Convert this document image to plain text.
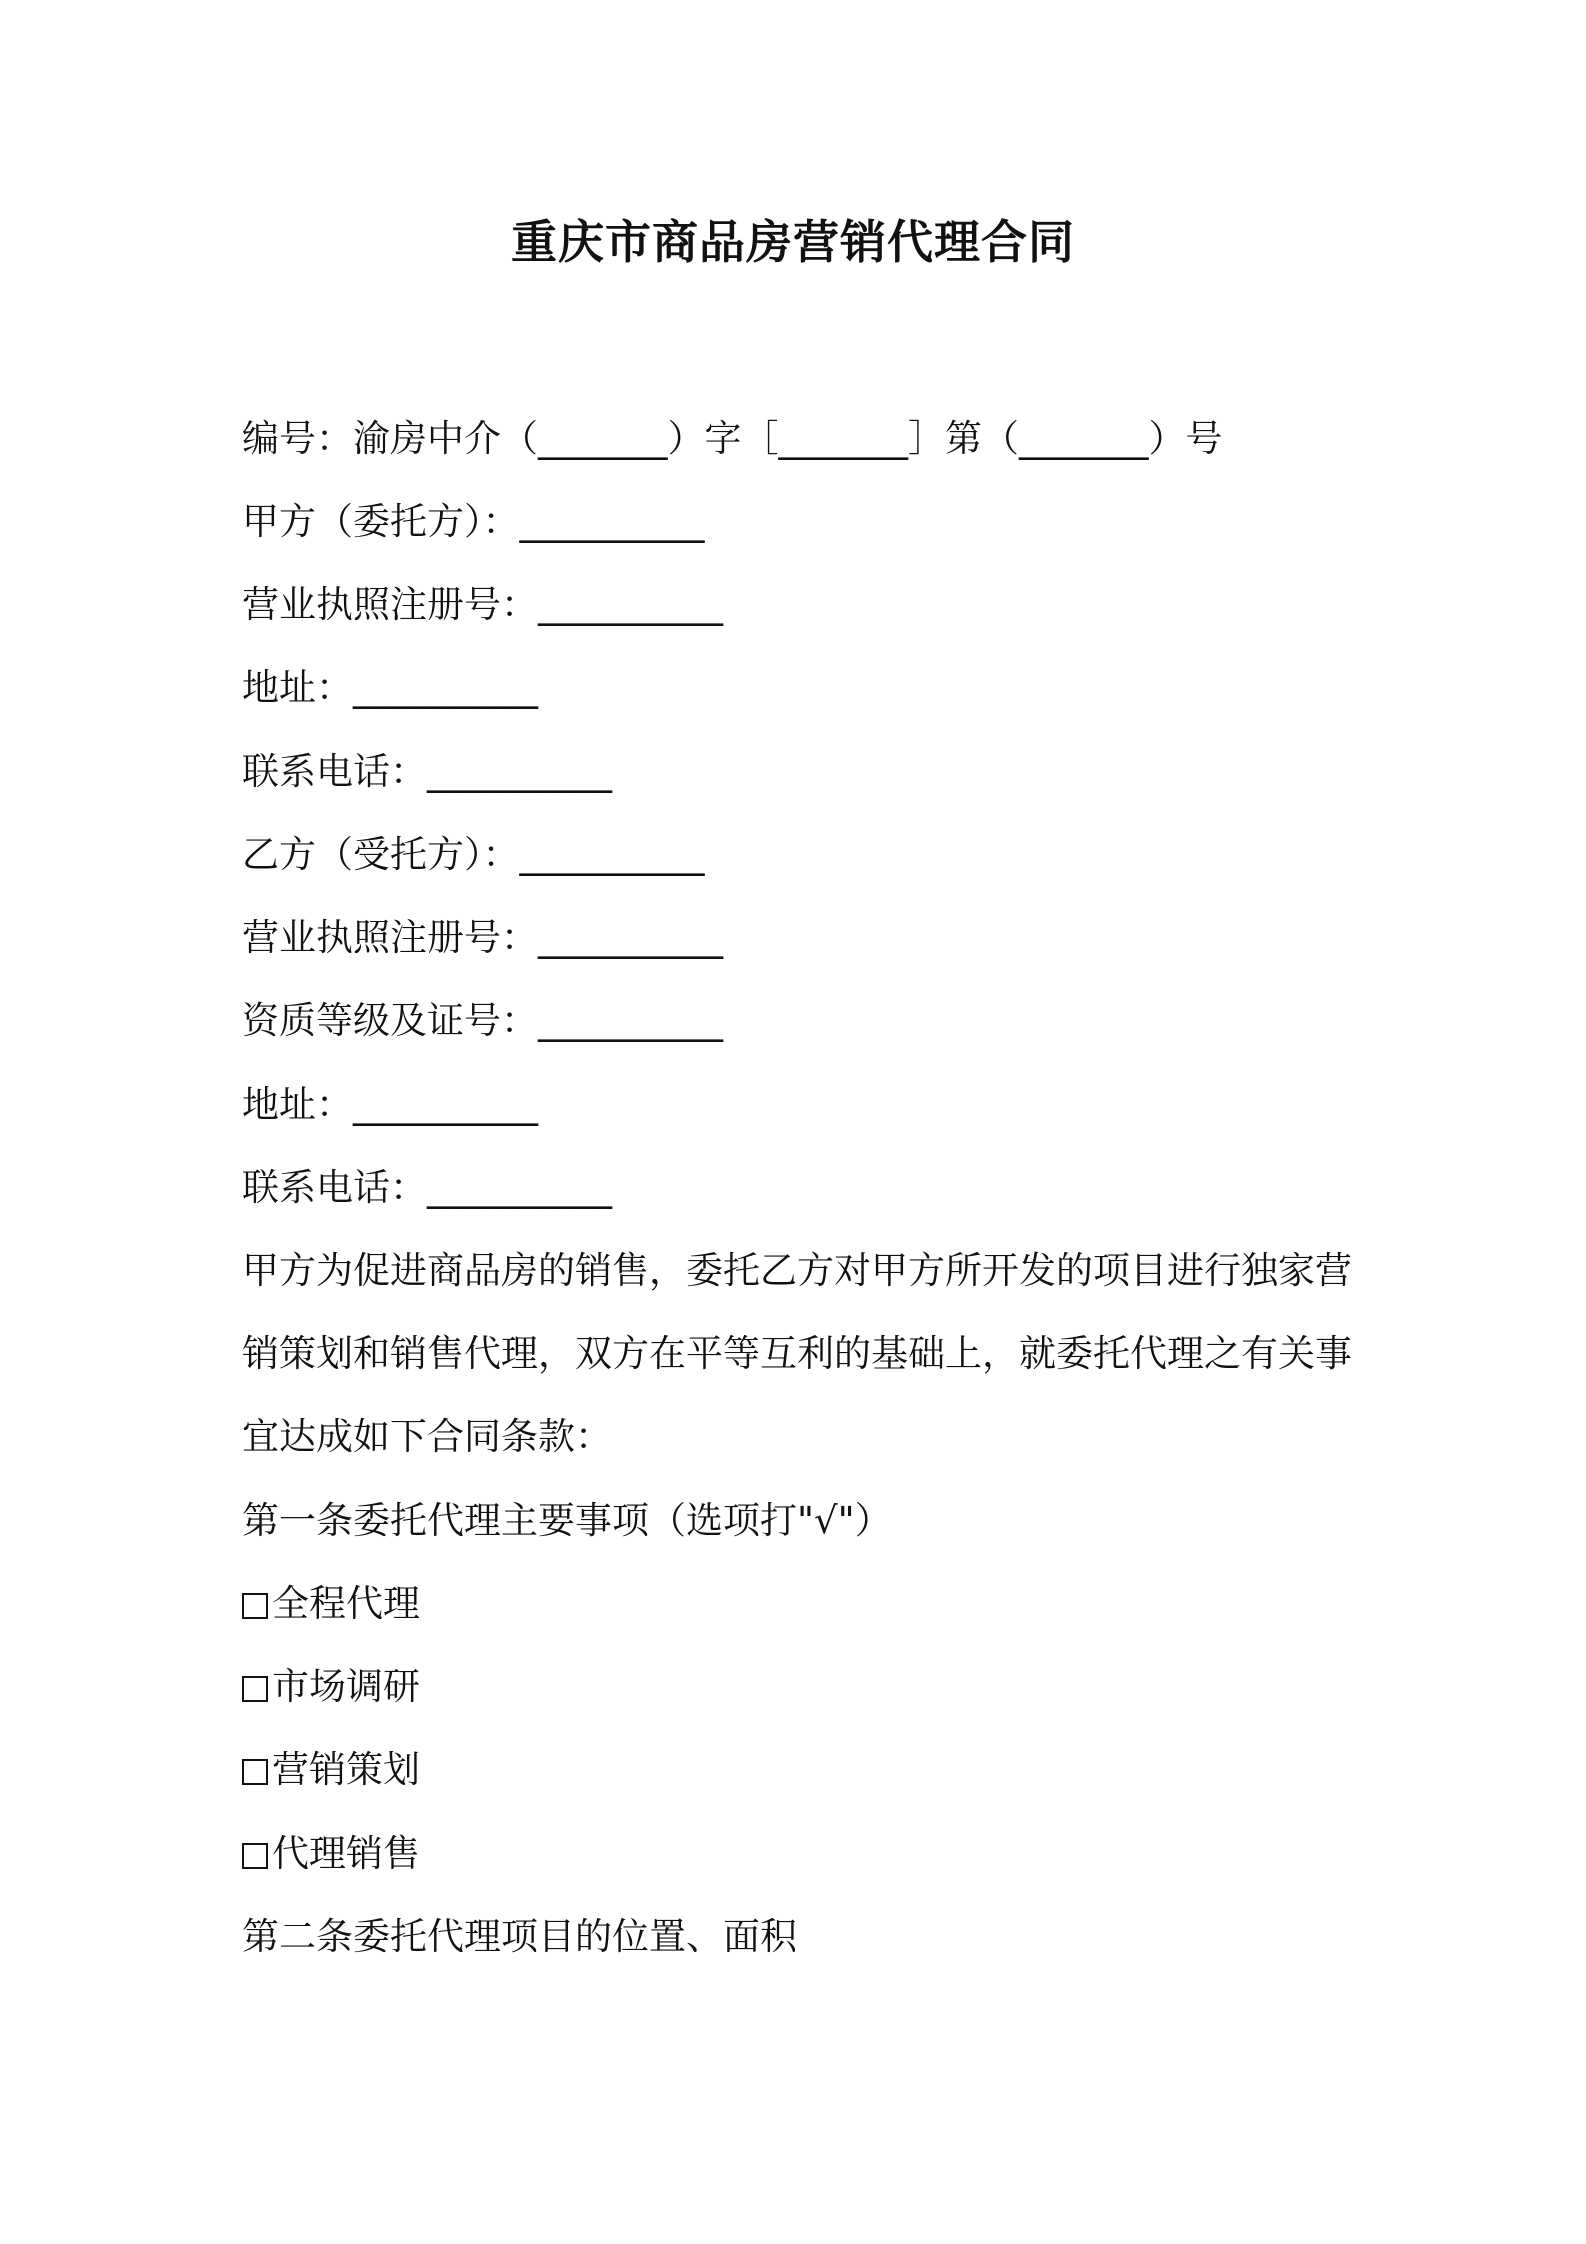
重庆市商品房营销代理合同
编号：渝房中介（_______）字［_______］第（_______）号
甲方（委托方）：__________
营业执照注册号：__________
地址：__________
联系电话：__________
乙方（受托方）：__________
营业执照注册号：__________
资质等级及证号：__________
地址：__________
联系电话：__________
甲方为促进商品房的销售，委托乙方对甲方所开发的项目进行独家营
销策划和销售代理，双方在平等互利的基础上，就委托代理之有关事
宜达成如下合同条款：
第一条委托代理主要事项（选项打"√"）
全程代理
市场调研
营销策划
代理销售
第二条委托代理项目的位置、面积
